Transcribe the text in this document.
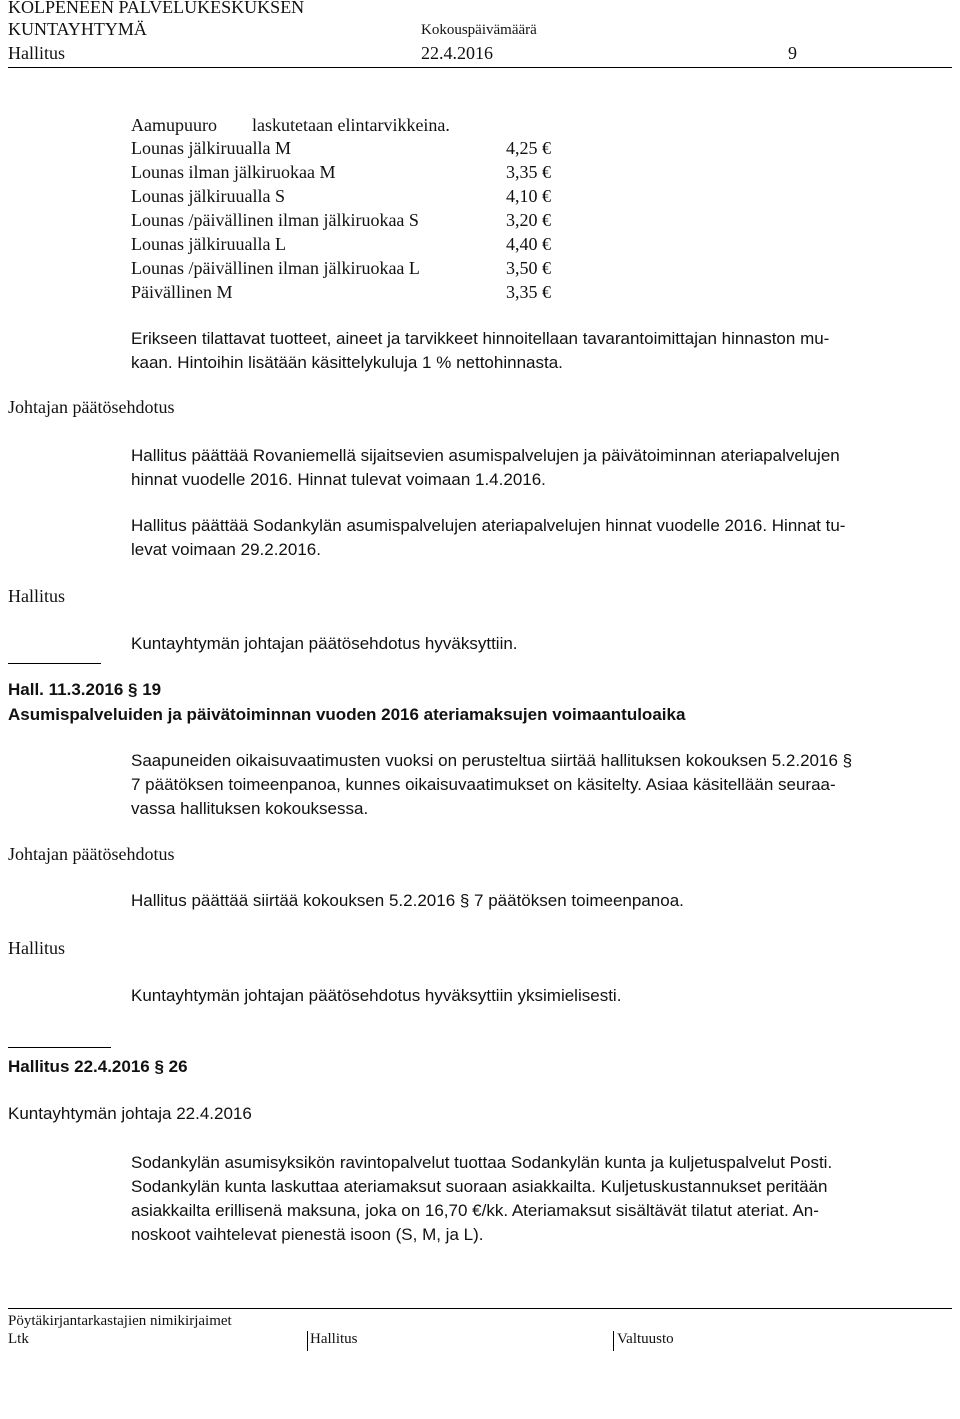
KOLPENEEN PALVELUKESKUKSEN
KUNTAYHTYMÄ	Kokouspäivämäärä
Hallitus	22.4.2016	9
Aamupuuro laskutetaan elintarvikkeina.
Lounas jälkiruualla M	4,25 €
Lounas ilman jälkiruokaa M	3,35 €
Lounas jälkiruualla S	4,10 €
Lounas /päivällinen ilman jälkiruokaa S	3,20 €
Lounas jälkiruualla L	4,40 €
Lounas /päivällinen ilman jälkiruokaa L	3,50 €
Päivällinen M	3,35 €
Erikseen tilattavat tuotteet, aineet ja tarvikkeet hinnoitellaan tavarantoimittajan hinnaston mu-
kaan. Hintoihin lisätään käsittelykuluja 1 % nettohinnasta.
Johtajan päätösehdotus
Hallitus päättää Rovaniemellä sijaitsevien asumispalvelujen ja päivätoiminnan ateriapalvelujen
hinnat vuodelle 2016. Hinnat tulevat voimaan 1.4.2016.
Hallitus päättää Sodankylän asumispalvelujen ateriapalvelujen hinnat vuodelle 2016. Hinnat tu-
levat voimaan 29.2.2016.
Hallitus
Kuntayhtymän johtajan päätösehdotus hyväksyttiin.
Hall. 11.3.2016 § 19
Asumispalveluiden ja päivätoiminnan vuoden 2016 ateriamaksujen voimaantuloaika
Saapuneiden oikaisuvaatimusten vuoksi on perusteltua siirtää hallituksen kokouksen 5.2.2016 §
7 päätöksen toimeenpanoa, kunnes oikaisuvaatimukset on käsitelty. Asiaa käsitellään seuraa-
vassa hallituksen kokouksessa.
Johtajan päätösehdotus
Hallitus päättää siirtää kokouksen 5.2.2016 § 7 päätöksen toimeenpanoa.
Hallitus
Kuntayhtymän johtajan päätösehdotus hyväksyttiin yksimielisesti.
Hallitus 22.4.2016 § 26
Kuntayhtymän johtaja 22.4.2016
Sodankylän asumisyksikön ravintopalvelut tuottaa Sodankylän kunta ja kuljetuspalvelut Posti.
Sodankylän kunta laskuttaa ateriamaksut suoraan asiakkailta. Kuljetuskustannukset peritään
asiakkailta erillisenä maksuna, joka on 16,70 €/kk. Ateriamaksut sisältävät tilatut ateriat. An-
noskoot vaihtelevat pienestä isoon (S, M, ja L).
Pöytäkirjantarkastajien nimikirjaimet
Ltk	Hallitus	Valtuusto
